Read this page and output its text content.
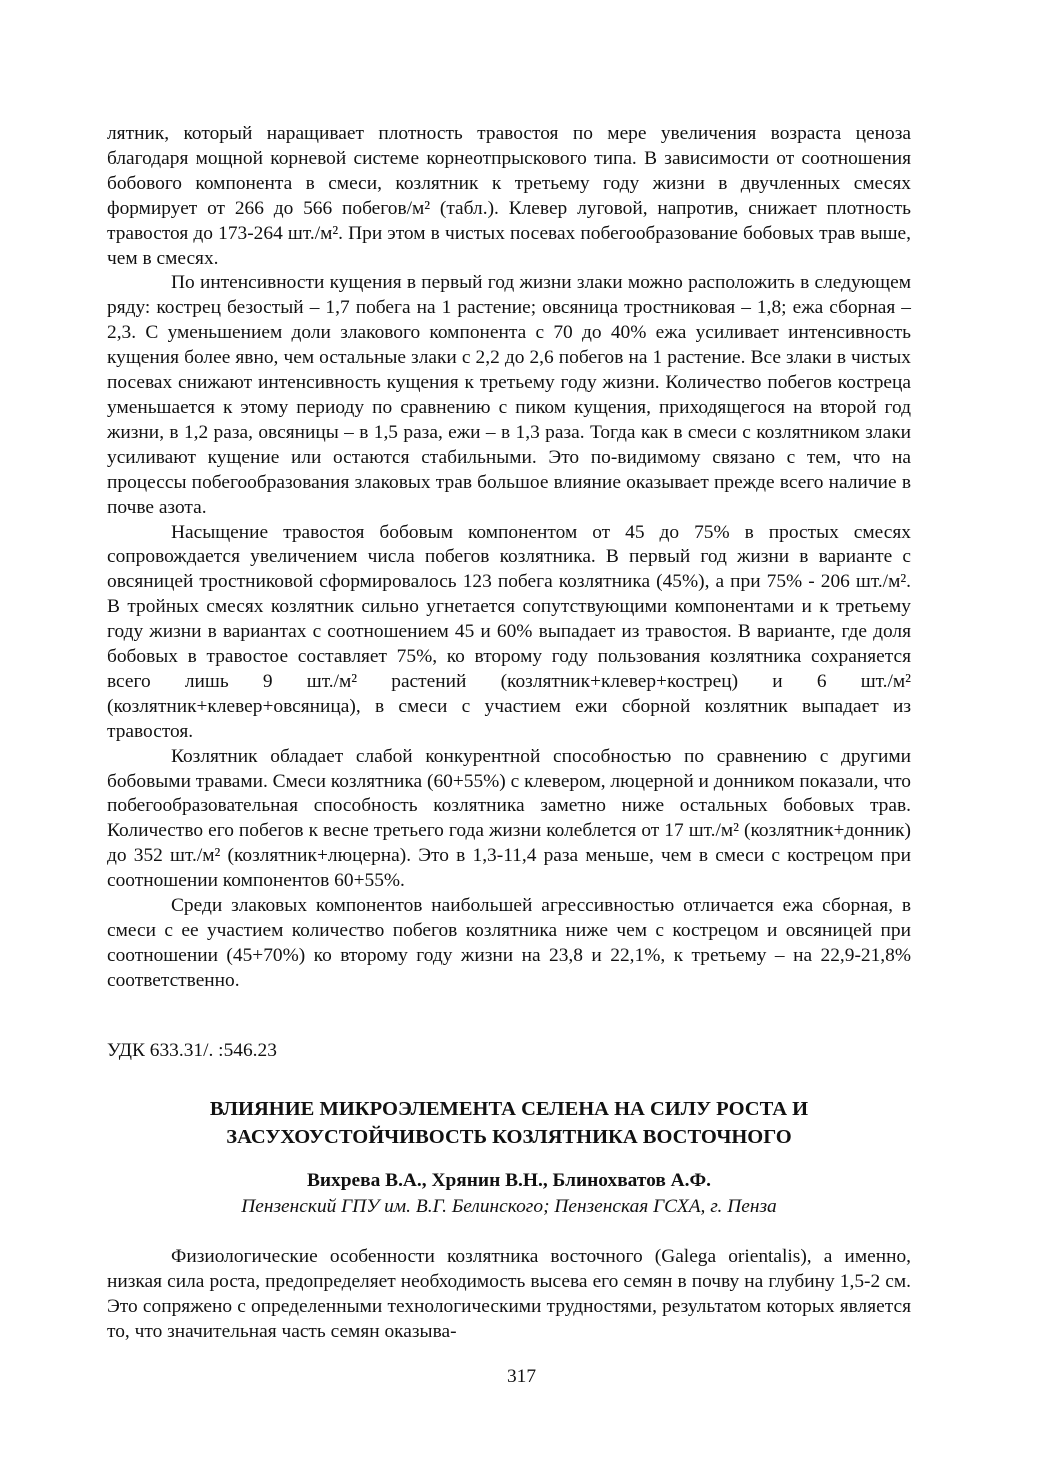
лятник, который наращивает плотность травостоя по мере увеличения возраста ценоза благодаря мощной корневой системе корнеотпрыскового типа. В зависимости от соотношения бобового компонента в смеси, козлятник к третьему году жизни в двучленных смесях формирует от 266 до 566 побегов/м² (табл.). Клевер луговой, напротив, снижает плотность травостоя до 173-264 шт./м². При этом в чистых посевах побегообразование бобовых трав выше, чем в смесях.

По интенсивности кущения в первый год жизни злаки можно расположить в следующем ряду: кострец безостый – 1,7 побега на 1 растение; овсяница тростниковая – 1,8; ежа сборная – 2,3. С уменьшением доли злакового компонента с 70 до 40% ежа усиливает интенсивность кущения более явно, чем остальные злаки с 2,2 до 2,6 побегов на 1 растение. Все злаки в чистых посевах снижают интенсивность кущения к третьему году жизни. Количество побегов костреца уменьшается к этому периоду по сравнению с пиком кущения, приходящегося на второй год жизни, в 1,2 раза, овсяницы – в 1,5 раза, ежи – в 1,3 раза. Тогда как в смеси с козлятником злаки усиливают кущение или остаются стабильными. Это по-видимому связано с тем, что на процессы побегообразования злаковых трав большое влияние оказывает прежде всего наличие в почве азота.

Насыщение травостоя бобовым компонентом от 45 до 75% в простых смесях сопровождается увеличением числа побегов козлятника. В первый год жизни в варианте с овсяницей тростниковой сформировалось 123 побега козлятника (45%), а при 75% - 206 шт./м². В тройных смесях козлятник сильно угнетается сопутствующими компонентами и к третьему году жизни в вариантах с соотношением 45 и 60% выпадает из травостоя. В варианте, где доля бобовых в травостое составляет 75%, ко второму году пользования козлятника сохраняется всего лишь 9 шт./м² растений (козлятник+клевер+кострец) и 6 шт./м² (козлятник+клевер+овсяница), в смеси с участием ежи сборной козлятник выпадает из травостоя.

Козлятник обладает слабой конкурентной способностью по сравнению с другими бобовыми травами. Смеси козлятника (60+55%) с клевером, люцерной и донником показали, что побегообразовательная способность козлятника заметно ниже остальных бобовых трав. Количество его побегов к весне третьего года жизни колеблется от 17 шт./м² (козлятник+донник) до 352 шт./м² (козлятник+люцерна). Это в 1,3-11,4 раза меньше, чем в смеси с кострецом при соотношении компонентов 60+55%.

Среди злаковых компонентов наибольшей агрессивностью отличается ежа сборная, в смеси с ее участием количество побегов козлятника ниже чем с кострецом и овсяницей при соотношении (45+70%) ко второму году жизни на 23,8 и 22,1%, к третьему – на 22,9-21,8% соответственно.

УДК 633.31/. :546.23

ВЛИЯНИЕ МИКРОЭЛЕМЕНТА СЕЛЕНА НА СИЛУ РОСТА И
ЗАСУХОУСТОЙЧИВОСТЬ КОЗЛЯТНИКА ВОСТОЧНОГО

Вихрева В.А., Хрянин В.Н., Блинохватов А.Ф.

Пензенский ГПУ им. В.Г. Белинского; Пензенская ГСХА, г. Пенза

Физиологические особенности козлятника восточного (Galega orientalis), а именно, низкая сила роста, предопределяет необходимость высева его семян в почву на глубину 1,5-2 см. Это сопряжено с определенными технологическими трудностями, результатом которых является то, что значительная часть семян оказыва-

317
